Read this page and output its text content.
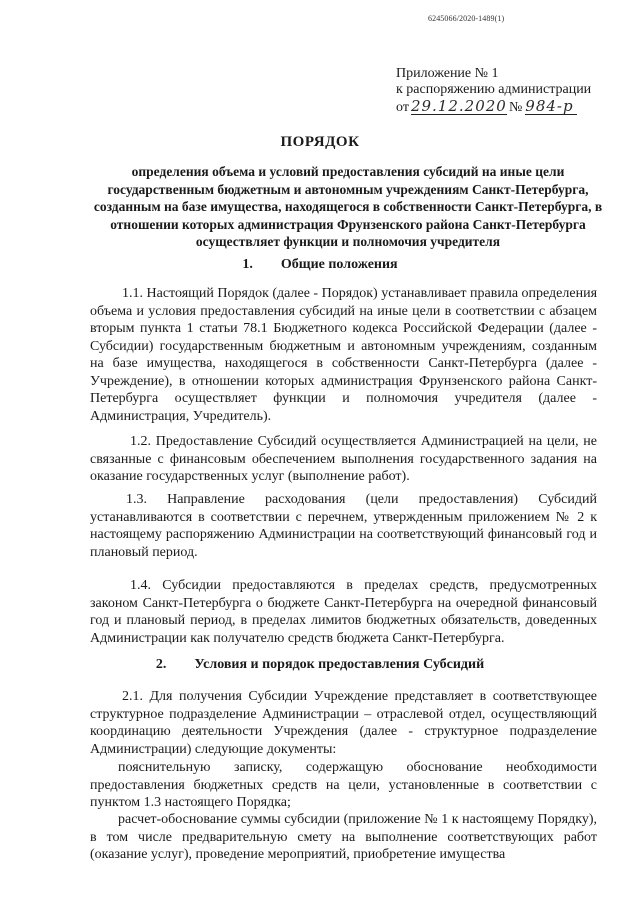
6245066/2020-1489(1)
Приложение № 1
к распоряжению администрации
от 29.12.2020 № 984-р
ПОРЯДОК
определения объема и условий предоставления субсидий на иные цели государственным бюджетным и автономным учреждениям Санкт-Петербурга, созданным на базе имущества, находящегося в собственности Санкт-Петербурга, в отношении которых администрация Фрунзенского района Санкт-Петербурга осуществляет функции и полномочия учредителя
1. Общие положения
1.1. Настоящий Порядок (далее - Порядок) устанавливает правила определения объема и условия предоставления субсидий на иные цели в соответствии с абзацем вторым пункта 1 статьи 78.1 Бюджетного кодекса Российской Федерации (далее - Субсидии) государственным бюджетным и автономным учреждениям, созданным на базе имущества, находящегося в собственности Санкт-Петербурга (далее - Учреждение), в отношении которых администрация Фрунзенского района Санкт-Петербурга осуществляет функции и полномочия учредителя (далее - Администрация, Учредитель).
1.2. Предоставление Субсидий осуществляется Администрацией на цели, не связанные с финансовым обеспечением выполнения государственного задания на оказание государственных услуг (выполнение работ).
1.3. Направление расходования (цели предоставления) Субсидий устанавливаются в соответствии с перечнем, утвержденным приложением № 2 к настоящему распоряжению Администрации на соответствующий финансовый год и плановый период.
1.4. Субсидии предоставляются в пределах средств, предусмотренных законом Санкт-Петербурга о бюджете Санкт-Петербурга на очередной финансовый год и плановый период, в пределах лимитов бюджетных обязательств, доведенных Администрации как получателю средств бюджета Санкт-Петербурга.
2. Условия и порядок предоставления Субсидий
2.1. Для получения Субсидии Учреждение представляет в соответствующее структурное подразделение Администрации – отраслевой отдел, осуществляющий координацию деятельности Учреждения (далее - структурное подразделение Администрации) следующие документы:
пояснительную записку, содержащую обоснование необходимости предоставления бюджетных средств на цели, установленные в соответствии с пунктом 1.3 настоящего Порядка;
расчет-обоснование суммы субсидии (приложение № 1 к настоящему Порядку), в том числе предварительную смету на выполнение соответствующих работ (оказание услуг), проведение мероприятий, приобретение имущества
